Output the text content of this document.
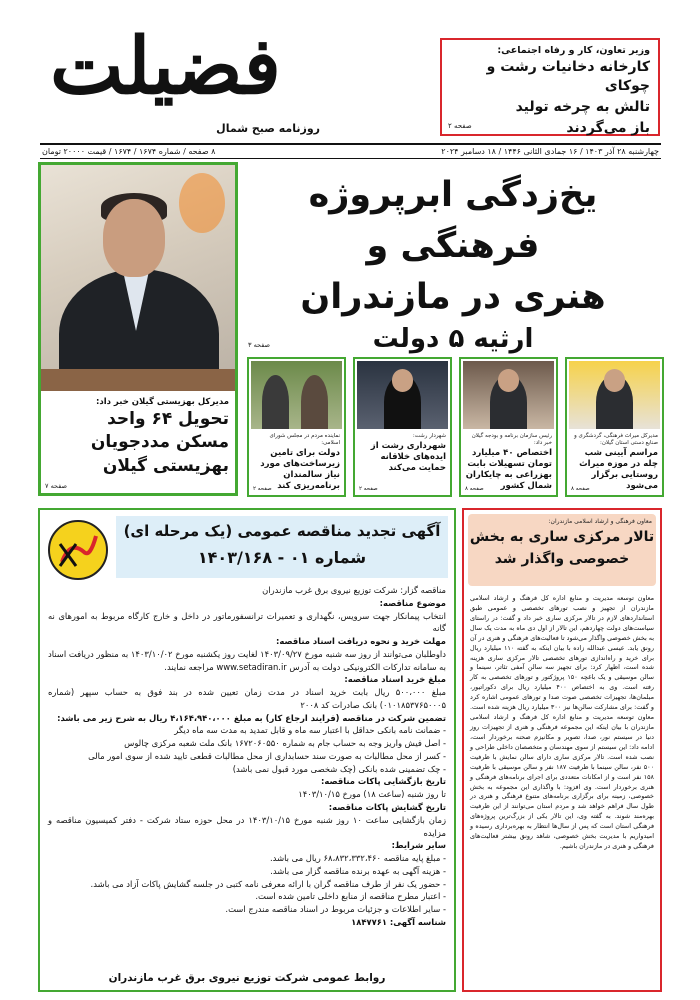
فضیلت
روزنامه صبح شمال
وزیر تعاون، کار و رفاه اجتماعی:
کارخانه دخانیات رشت و چوکای
تالش به چرخه تولید
باز می‌گردند
صفحه ۲
چهارشنبه ۲۸ آذر ۱۴۰۳ / ۱۶ جمادی الثانی ۱۴۴۶ / ۱۸ دسامبر ۲۰۲۴
۸ صفحه / شماره ۱۶۷۴ / ۱۶۷۴ / قیمت ۲۰۰۰۰ تومان
مدیرکل بهزیستی گیلان خبر داد:
تحویل ۶۴ واحد
مسکن مددجویان
بهزیستی گیلان
صفحه ۷
یخ‌زدگی ابرپروژه فرهنگی و
هنری در مازندران
ارثیه ۵ دولت
صفحه ۳
مدیرکل میراث فرهنگی، گردشگری و صنایع دستی استان گیلان:
مراسم آیینی شب چله در موزه میراث روستایی برگزار می‌شود
صفحه ۸
رئیس سازمان برنامه و بودجه گیلان خبر داد:
اختصاص ۴۰ میلیارد تومان تسهیلات بابت بهزراعی به چایکاران شمال کشور
صفحه ۸
شهردار رشت:
شهرداری رشت از ایده‌های خلاقانه حمایت می‌کند
صفحه ۲
نماینده مردم در مجلس شورای اسلامی:
دولت برای تامین زیرساخت‌های مورد نیاز سالمندان برنامه‌ریزی کند
صفحه ۲
آگهی تجدید مناقصه عمومی (یک مرحله ای)
شماره ۰۱ - ۱۴۰۳/۱۶۸
مناقصه گزار: شرکت توزیع نیروی برق غرب مازندران
موضوع مناقصه:
انتخاب پیمانکار جهت سرویس، نگهداری و تعمیرات ترانسفورماتور در داخل و خارج کارگاه مربوط به امورهای نه گانه
مهلت خرید و نحوه دریافت اسناد مناقصه:
داوطلبان می‌توانند از روز سه شنبه مورخ ۱۴۰۳/۰۹/۲۷ لغایت روز یکشنبه مورخ ۱۴۰۳/۱۰/۰۲ به منظور دریافت اسناد به سامانه تدارکات الکترونیکی دولت به آدرس www.setadiran.ir مراجعه نمایند.
مبلغ خرید اسناد مناقصه:
مبلغ ۵۰۰،۰۰۰ ریال بابت خرید اسناد در مدت زمان تعیین شده در بند فوق به حساب سپهر (شماره ۰۱۰۱۸۵۳۷۶۵۰۰۰۵) بانک صادرات کد ۲۰۰۸
تضمین شرکت در مناقصه (فرایند ارجاع کار) به مبلغ ۴،۱۶۴،۹۴۰،۰۰۰ ریال به شرح زیر می باشد:
- ضمانت نامه بانکی حداقل با اعتبار سه ماه و قابل تمدید به مدت سه ماه دیگر
- اصل فیش واریز وجه به حساب جام به شماره ۱۶۷۲۰۶۰۵۵۰ بانک ملت شعبه مرکزی چالوس
- کسر از محل مطالبات به صورت سند حسابداری از محل مطالبات قطعی تایید شده از سوی امور مالی
- چک تضمینی شده بانکی (چک شخصی مورد قبول نمی باشد)
تاریخ بازگشایی پاکات مناقصه:
تا روز شنبه (ساعت ۱۸) مورخ ۱۴۰۳/۱۰/۱۵
تاریخ گشایش پاکات مناقصه:
زمان بازگشایی ساعت ۱۰ روز شنبه مورخ ۱۴۰۳/۱۰/۱۵ در محل حوزه ستاد شرکت - دفتر کمیسیون مناقصه و مزایده
سایر شرایط:
- مبلغ پایه مناقصه ۶۸،۸۳۲،۳۳۲،۴۶۰ ریال می باشد.
- هزینه آگهی به عهده برنده مناقصه گزار می باشد.
- حضور یک نفر از طرف مناقصه گران با ارائه معرفی نامه کتبی در جلسه گشایش پاکات آزاد می باشد.
- اعتبار مطرح مناقصه از منابع داخلی تامین شده است.
- سایر اطلاعات و جزئیات مربوط در اسناد مناقصه مندرج است.
شناسه آگهی: ۱۸۴۷۷۶۱
روابط عمومی شرکت توزیع نیروی برق غرب مازندران
معاون فرهنگی و ارشاد اسلامی مازندران:
تالار مرکزی ساری به بخش
خصوصی واگذار شد
معاون توسعه مدیریت و منابع اداره کل فرهنگ و ارشاد اسلامی مازندران از تجهیز و نصب تورهای تخصصی و عمومی طبق استانداردهای لازم در تالار مرکزی ساری خبر داد و گفت: در راستای سیاست‌های دولت چهاردهم، این تالار از اول دی ماه به مدت یک سال به بخش خصوصی واگذار می‌شود تا فعالیت‌های فرهنگی و هنری در آن رونق یابد. عیسی عبدالله زاده با بیان اینکه به گفته ۱۱۰ میلیارد ریال برای خرید و راه‌اندازی تورهای تخصصی تالار مرکزی ساری هزینه شده است، اظهار کرد: برای تجهیز سه سالن آمفی تئاتر، سینما و سالن موسیقی و یک باغچه ۱۵۰ پروژکتور و تورهای تخصصی به کار رفته است. وی به اختصاص ۴۰۰ میلیارد ریال برای دکوراتیور، مبلمان‌ها، تجهیزات تخصصی صوت صدا و تورهای عمومی اشاره کرد و گفت: برای مشارکت سالن‌ها نیز ۳۰۰ میلیارد ریال هزینه شده است. معاون توسعه مدیریت و منابع اداره کل فرهنگ و ارشاد اسلامی مازندران با بیان اینکه این مجموعه فرهنگی و هنری از تجهیزات روز دنیا در سیستم نور، صدا، تصویر و مکانیزم صحنه برخوردار است، ادامه داد: این سیستم از سوی مهندسان و متخصصان داخلی طراحی و نصب شده است. تالار مرکزی ساری دارای سالن نمایش با ظرفیت ۵۰۰ نفر، سالن سینما با ظرفیت ۱۸۷ نفر و سالن موسیقی با ظرفیت ۱۵۸ نفر است و از امکانات متعددی برای اجرای برنامه‌های فرهنگی و هنری برخوردار است. وی افزود: با واگذاری این مجموعه به بخش خصوصی، زمینه برای برگزاری برنامه‌های متنوع فرهنگی و هنری در طول سال فراهم خواهد شد و مردم استان می‌توانند از این ظرفیت بهره‌مند شوند. به گفته وی، این تالار یکی از بزرگ‌ترین پروژه‌های فرهنگی استان است که پس از سال‌ها انتظار به بهره‌برداری رسیده و امیدواریم با مدیریت بخش خصوصی، شاهد رونق بیشتر فعالیت‌های فرهنگی و هنری در مازندران باشیم.
